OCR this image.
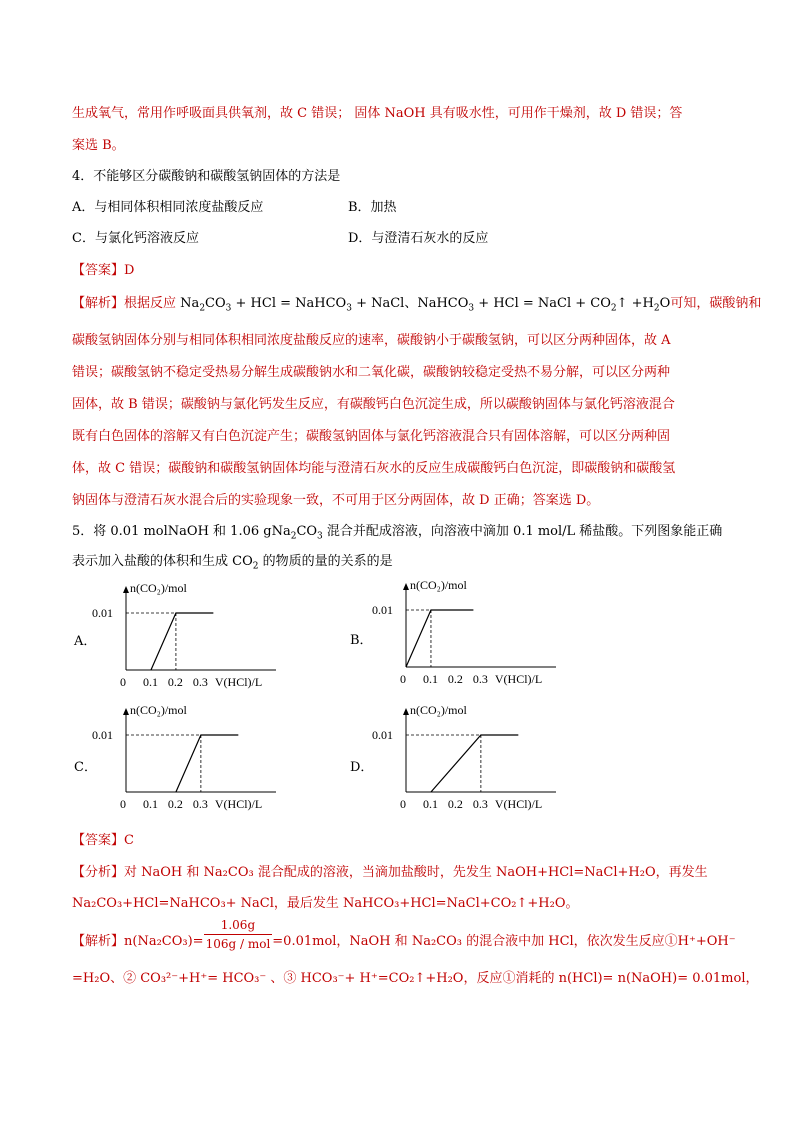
生成氧气，常用作呼吸面具供氧剂，故 C 错误； 固体 NaOH 具有吸水性，可用作干燥剂，故 D 错误；答
案选 B。
4．不能够区分碳酸钠和碳酸氢钠固体的方法是
A．与相同体积相同浓度盐酸反应	B．加热
C．与氯化钙溶液反应	D．与澄清石灰水的反应
【答案】D
【解析】根据反应 $Na_2CO_3$ + HCl = NaHCO$_3$ + NaCl、NaHCO$_3$ + HCl = NaCl + $CO_2↑ +H_2O$可知，碳酸钠和
碳酸氢钠固体分别与相同体积相同浓度盐酸反应的速率，碳酸钠小于碳酸氢钠，可以区分两种固体，故 A
错误；碳酸氢钠不稳定受热易分解生成碳酸钠水和二氧化碳，碳酸钠较稳定受热不易分解，可以区分两种
固体，故 B 错误；碳酸钠与氯化钙发生反应，有碳酸钙白色沉淀生成，所以碳酸钠固体与氯化钙溶液混合
既有白色固体的溶解又有白色沉淀产生；碳酸氢钠固体与氯化钙溶液混合只有固体溶解，可以区分两种固
体，故 C 错误；碳酸钠和碳酸氢钠固体均能与澄清石灰水的反应生成碳酸钙白色沉淀，即碳酸钠和碳酸氢
钠固体与澄清石灰水混合后的实验现象一致，不可用于区分两固体，故 D 正确；答案选 D。
5．将 0.01 molNaOH 和 1.06 $gNa_2CO_3$ 混合并配成溶液，向溶液中滴加 0.1 mol/L 稀盐酸。下列图象能正确
表示加入盐酸的体积和生成 $CO_2$ 的物质的量的关系的是
A．
n(CO₂)/mol
0.01
0 0.1 0.2 0.3 V(HCl)/L
B．
n(CO₂)/mol
0.01
0 0.1 0.2 0.3 V(HCl)/L
C．
n(CO₂)/mol
0.01
0 0.1 0.2 0.3 V(HCl)/L
D．
n(CO₂)/mol
0.01
0 0.1 0.2 0.3 V(HCl)/L
【答案】C
【分析】对 NaOH 和 Na₂CO₃ 混合配成的溶液，当滴加盐酸时，先发生 NaOH+HCl=NaCl+H₂O，再发生
Na₂CO₃+HCl=NaHCO₃+ NaCl，最后发生 NaHCO₃+HCl=NaCl+CO₂↑+H₂O。
【解析】$n(Na_2CO_3)= \frac{1.06g}{\text{106g / mol}} =0.01mol$，NaOH 和 Na₂CO₃ 的混合液中加 HCl，依次发生反应①H⁺+OH⁻
=H₂O、② CO₃²⁻+H⁺= HCO₃⁻ 、③ HCO₃⁻+ H⁺=CO₂↑+H₂O，反应①消耗的 n(HCl)= n(NaOH)= 0.01mol，
